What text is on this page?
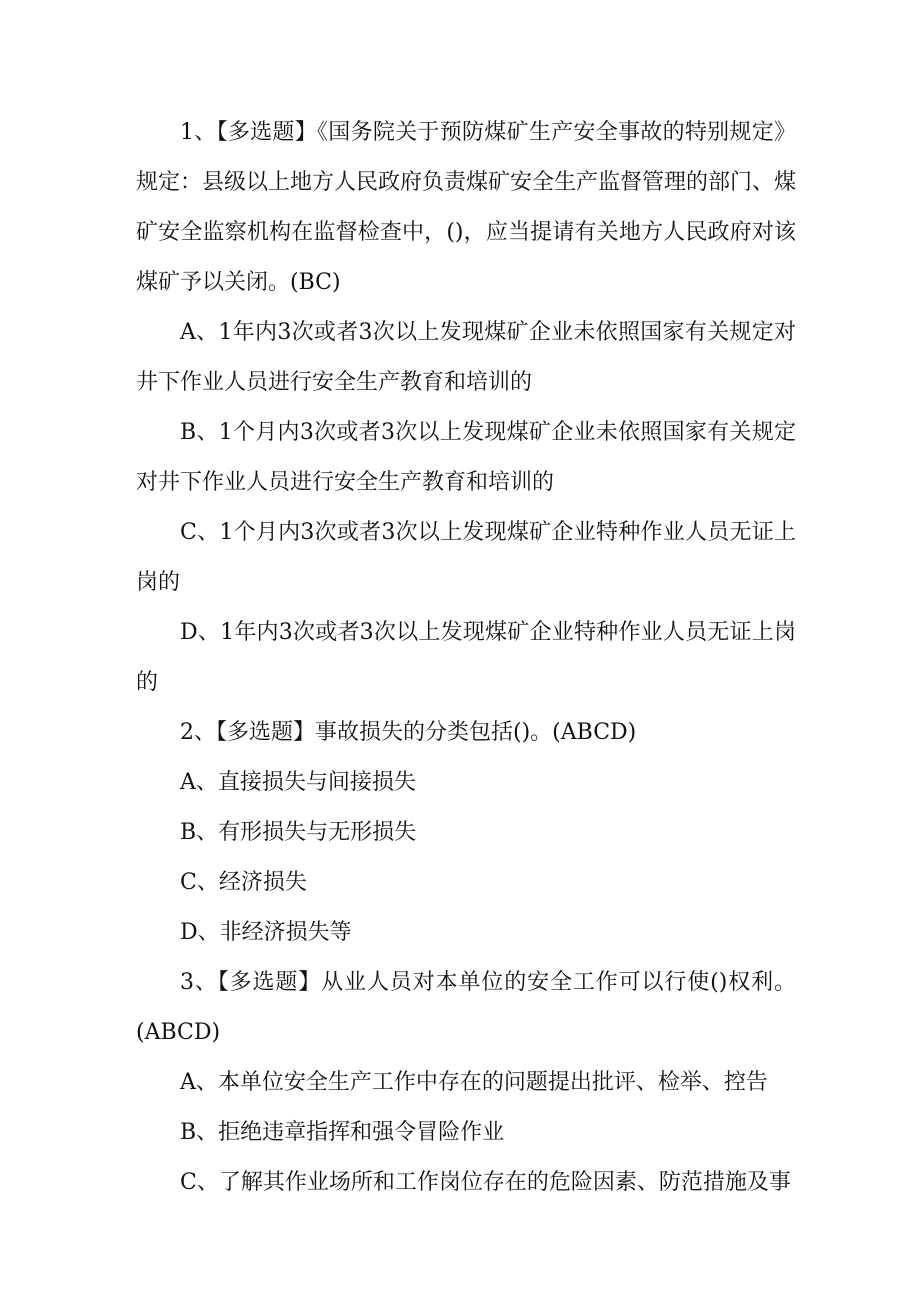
1、【多选题】《国务院关于预防煤矿生产安全事故的特别规定》规定：县级以上地方人民政府负责煤矿安全生产监督管理的部门、煤矿安全监察机构在监督检查中，()，应当提请有关地方人民政府对该煤矿予以关闭。(BC)

A、1年内3次或者3次以上发现煤矿企业未依照国家有关规定对井下作业人员进行安全生产教育和培训的

B、1个月内3次或者3次以上发现煤矿企业未依照国家有关规定对井下作业人员进行安全生产教育和培训的

C、1个月内3次或者3次以上发现煤矿企业特种作业人员无证上岗的

D、1年内3次或者3次以上发现煤矿企业特种作业人员无证上岗的

2、【多选题】事故损失的分类包括()。(ABCD)

A、直接损失与间接损失

B、有形损失与无形损失

C、经济损失

D、非经济损失等

3、【多选题】从业人员对本单位的安全工作可以行使()权利。(ABCD)

A、本单位安全生产工作中存在的问题提出批评、检举、控告

B、拒绝违章指挥和强令冒险作业

C、了解其作业场所和工作岗位存在的危险因素、防范措施及事
